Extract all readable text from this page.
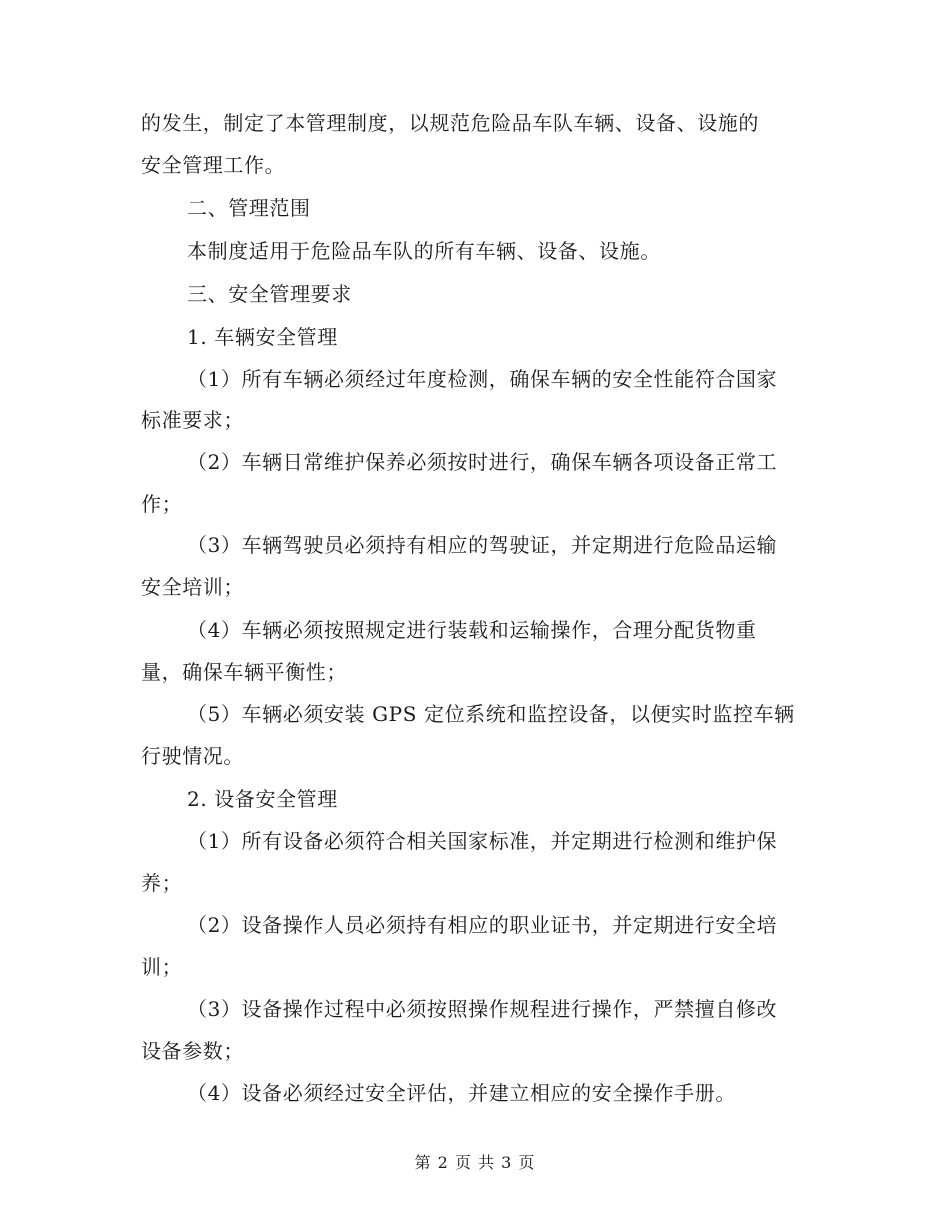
的发生，制定了本管理制度，以规范危险品车队车辆、设备、设施的
安全管理工作。
二、管理范围
本制度适用于危险品车队的所有车辆、设备、设施。
三、安全管理要求
1. 车辆安全管理
（1）所有车辆必须经过年度检测，确保车辆的安全性能符合国家
标准要求；
（2）车辆日常维护保养必须按时进行，确保车辆各项设备正常工
作；
（3）车辆驾驶员必须持有相应的驾驶证，并定期进行危险品运输
安全培训；
（4）车辆必须按照规定进行装载和运输操作，合理分配货物重
量，确保车辆平衡性；
（5）车辆必须安装 GPS 定位系统和监控设备，以便实时监控车辆
行驶情况。
2. 设备安全管理
（1）所有设备必须符合相关国家标准，并定期进行检测和维护保
养；
（2）设备操作人员必须持有相应的职业证书，并定期进行安全培
训；
（3）设备操作过程中必须按照操作规程进行操作，严禁擅自修改
设备参数；
（4）设备必须经过安全评估，并建立相应的安全操作手册。
第 2 页 共 3 页
